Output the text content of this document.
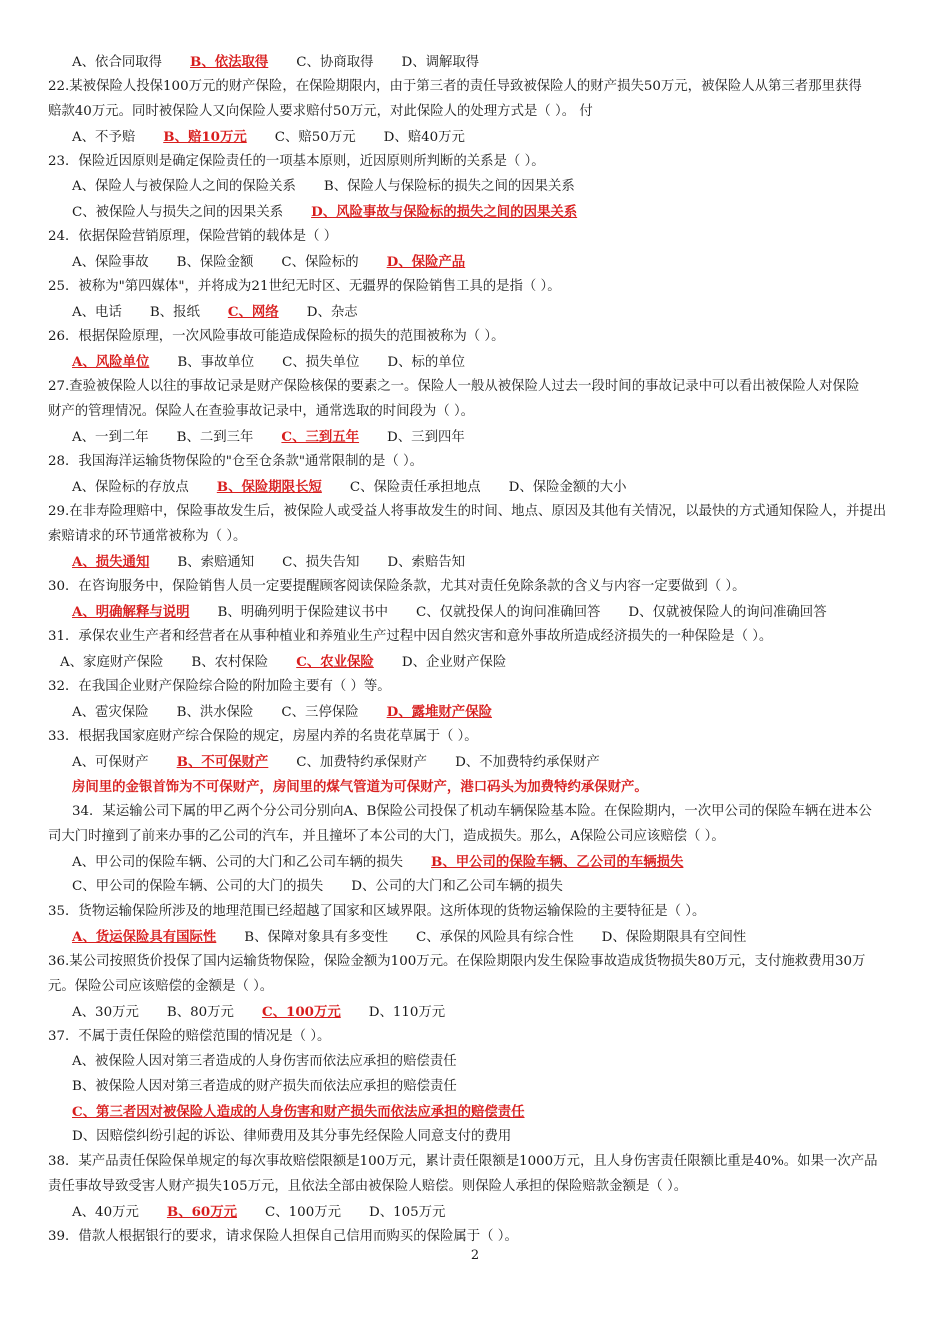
A、依合同取得 B、依法取得 C、协商取得 D、调解取得
22.某被保险人投保100万元的财产保险，在保险期限内，由于第三者的责任导致被保险人的财产损失50万元，被保险人从第三者那里获得
赔款40万元。同时被保险人又向保险人要求赔付50万元，对此保险人的处理方式是（ ）。 付
A、不予赔 B、赔10万元 C、赔50万元 D、赔40万元
23．保险近因原则是确定保险责任的一项基本原则，近因原则所判断的关系是（ ）。
A、保险人与被保险人之间的保险关系 B、保险人与保险标的损失之间的因果关系
C、被保险人与损失之间的因果关系 D、风险事故与保险标的损失之间的因果关系
24．依据保险营销原理，保险营销的载体是（ ）
A、保险事故 B、保险金额 C、保险标的 D、保险产品
25．被称为"第四媒体"，并将成为21世纪无时区、无疆界的保险销售工具的是指（ ）。
A、电话 B、报纸 C、网络 D、杂志
26．根据保险原理，一次风险事故可能造成保险标的损失的范围被称为（ ）。
A、风险单位 B、事故单位 C、损失单位 D、标的单位
27.查验被保险人以往的事故记录是财产保险核保的要素之一。保险人一般从被保险人过去一段时间的事故记录中可以看出被保险人对保险
财产的管理情况。保险人在查验事故记录中，通常选取的时间段为（ ）。
A、一到二年 B、二到三年 C、三到五年 D、三到四年
28．我国海洋运输货物保险的"仓至仓条款"通常限制的是（ ）。
A、保险标的存放点 B、保险期限长短 C、保险责任承担地点 D、保险金额的大小
29.在非寿险理赔中，保险事故发生后，被保险人或受益人将事故发生的时间、地点、原因及其他有关情况，以最快的方式通知保险人，并提出
索赔请求的环节通常被称为（ ）。
A、损失通知 B、索赔通知 C、损失告知 D、索赔告知
30．在咨询服务中，保险销售人员一定要提醒顾客阅读保险条款，尤其对责任免除条款的含义与内容一定要做到（ ）。
A、明确解释与说明 B、明确列明于保险建议书中 C、仅就投保人的询问准确回答 D、仅就被保险人的询问准确回答
31．承保农业生产者和经营者在从事种植业和养殖业生产过程中因自然灾害和意外事故所造成经济损失的一种保险是（ ）。
A、家庭财产保险 B、农村保险 C、农业保险 D、企业财产保险
32．在我国企业财产保险综合险的附加险主要有（ ）等。
A、雹灾保险 B、洪水保险 C、三停保险 D、露堆财产保险
33．根据我国家庭财产综合保险的规定，房屋内养的名贵花草属于（ ）。
A、可保财产 B、不可保财产 C、加费特约承保财产 D、不加费特约承保财产
房间里的金银首饰为不可保财产，房间里的煤气管道为可保财产，港口码头为加费特约承保财产。
34．某运输公司下属的甲乙两个分公司分别向A、B保险公司投保了机动车辆保险基本险。在保险期内，一次甲公司的保险车辆在进本公
司大门时撞到了前来办事的乙公司的汽车，并且撞坏了本公司的大门，造成损失。那么，A保险公司应该赔偿（ ）。
A、甲公司的保险车辆、公司的大门和乙公司车辆的损失 B、甲公司的保险车辆、乙公司的车辆损失
C、甲公司的保险车辆、公司的大门的损失 D、公司的大门和乙公司车辆的损失
35．货物运输保险所涉及的地理范围已经超越了国家和区域界限。这所体现的货物运输保险的主要特征是（ ）。
A、货运保险具有国际性 B、保障对象具有多变性 C、承保的风险具有综合性 D、保险期限具有空间性
36.某公司按照货价投保了国内运输货物保险，保险金额为100万元。在保险期限内发生保险事故造成货物损失80万元，支付施救费用30万
元。保险公司应该赔偿的金额是（ ）。
A、30万元 B、80万元 C、100万元 D、110万元
37．不属于责任保险的赔偿范围的情况是（ ）。
A、被保险人因对第三者造成的人身伤害而依法应承担的赔偿责任
B、被保险人因对第三者造成的财产损失而依法应承担的赔偿责任
C、第三者因对被保险人造成的人身伤害和财产损失而依法应承担的赔偿责任
D、因赔偿纠纷引起的诉讼、律师费用及其分事先经保险人同意支付的费用
38．某产品责任保险保单规定的每次事故赔偿限额是100万元，累计责任限额是1000万元，且人身伤害责任限额比重是40%。如果一次产品
责任事故导致受害人财产损失105万元，且依法全部由被保险人赔偿。则保险人承担的保险赔款金额是（ ）。
A、40万元 B、60万元 C、100万元 D、105万元
39．借款人根据银行的要求，请求保险人担保自己信用而购买的保险属于（ ）。
2
